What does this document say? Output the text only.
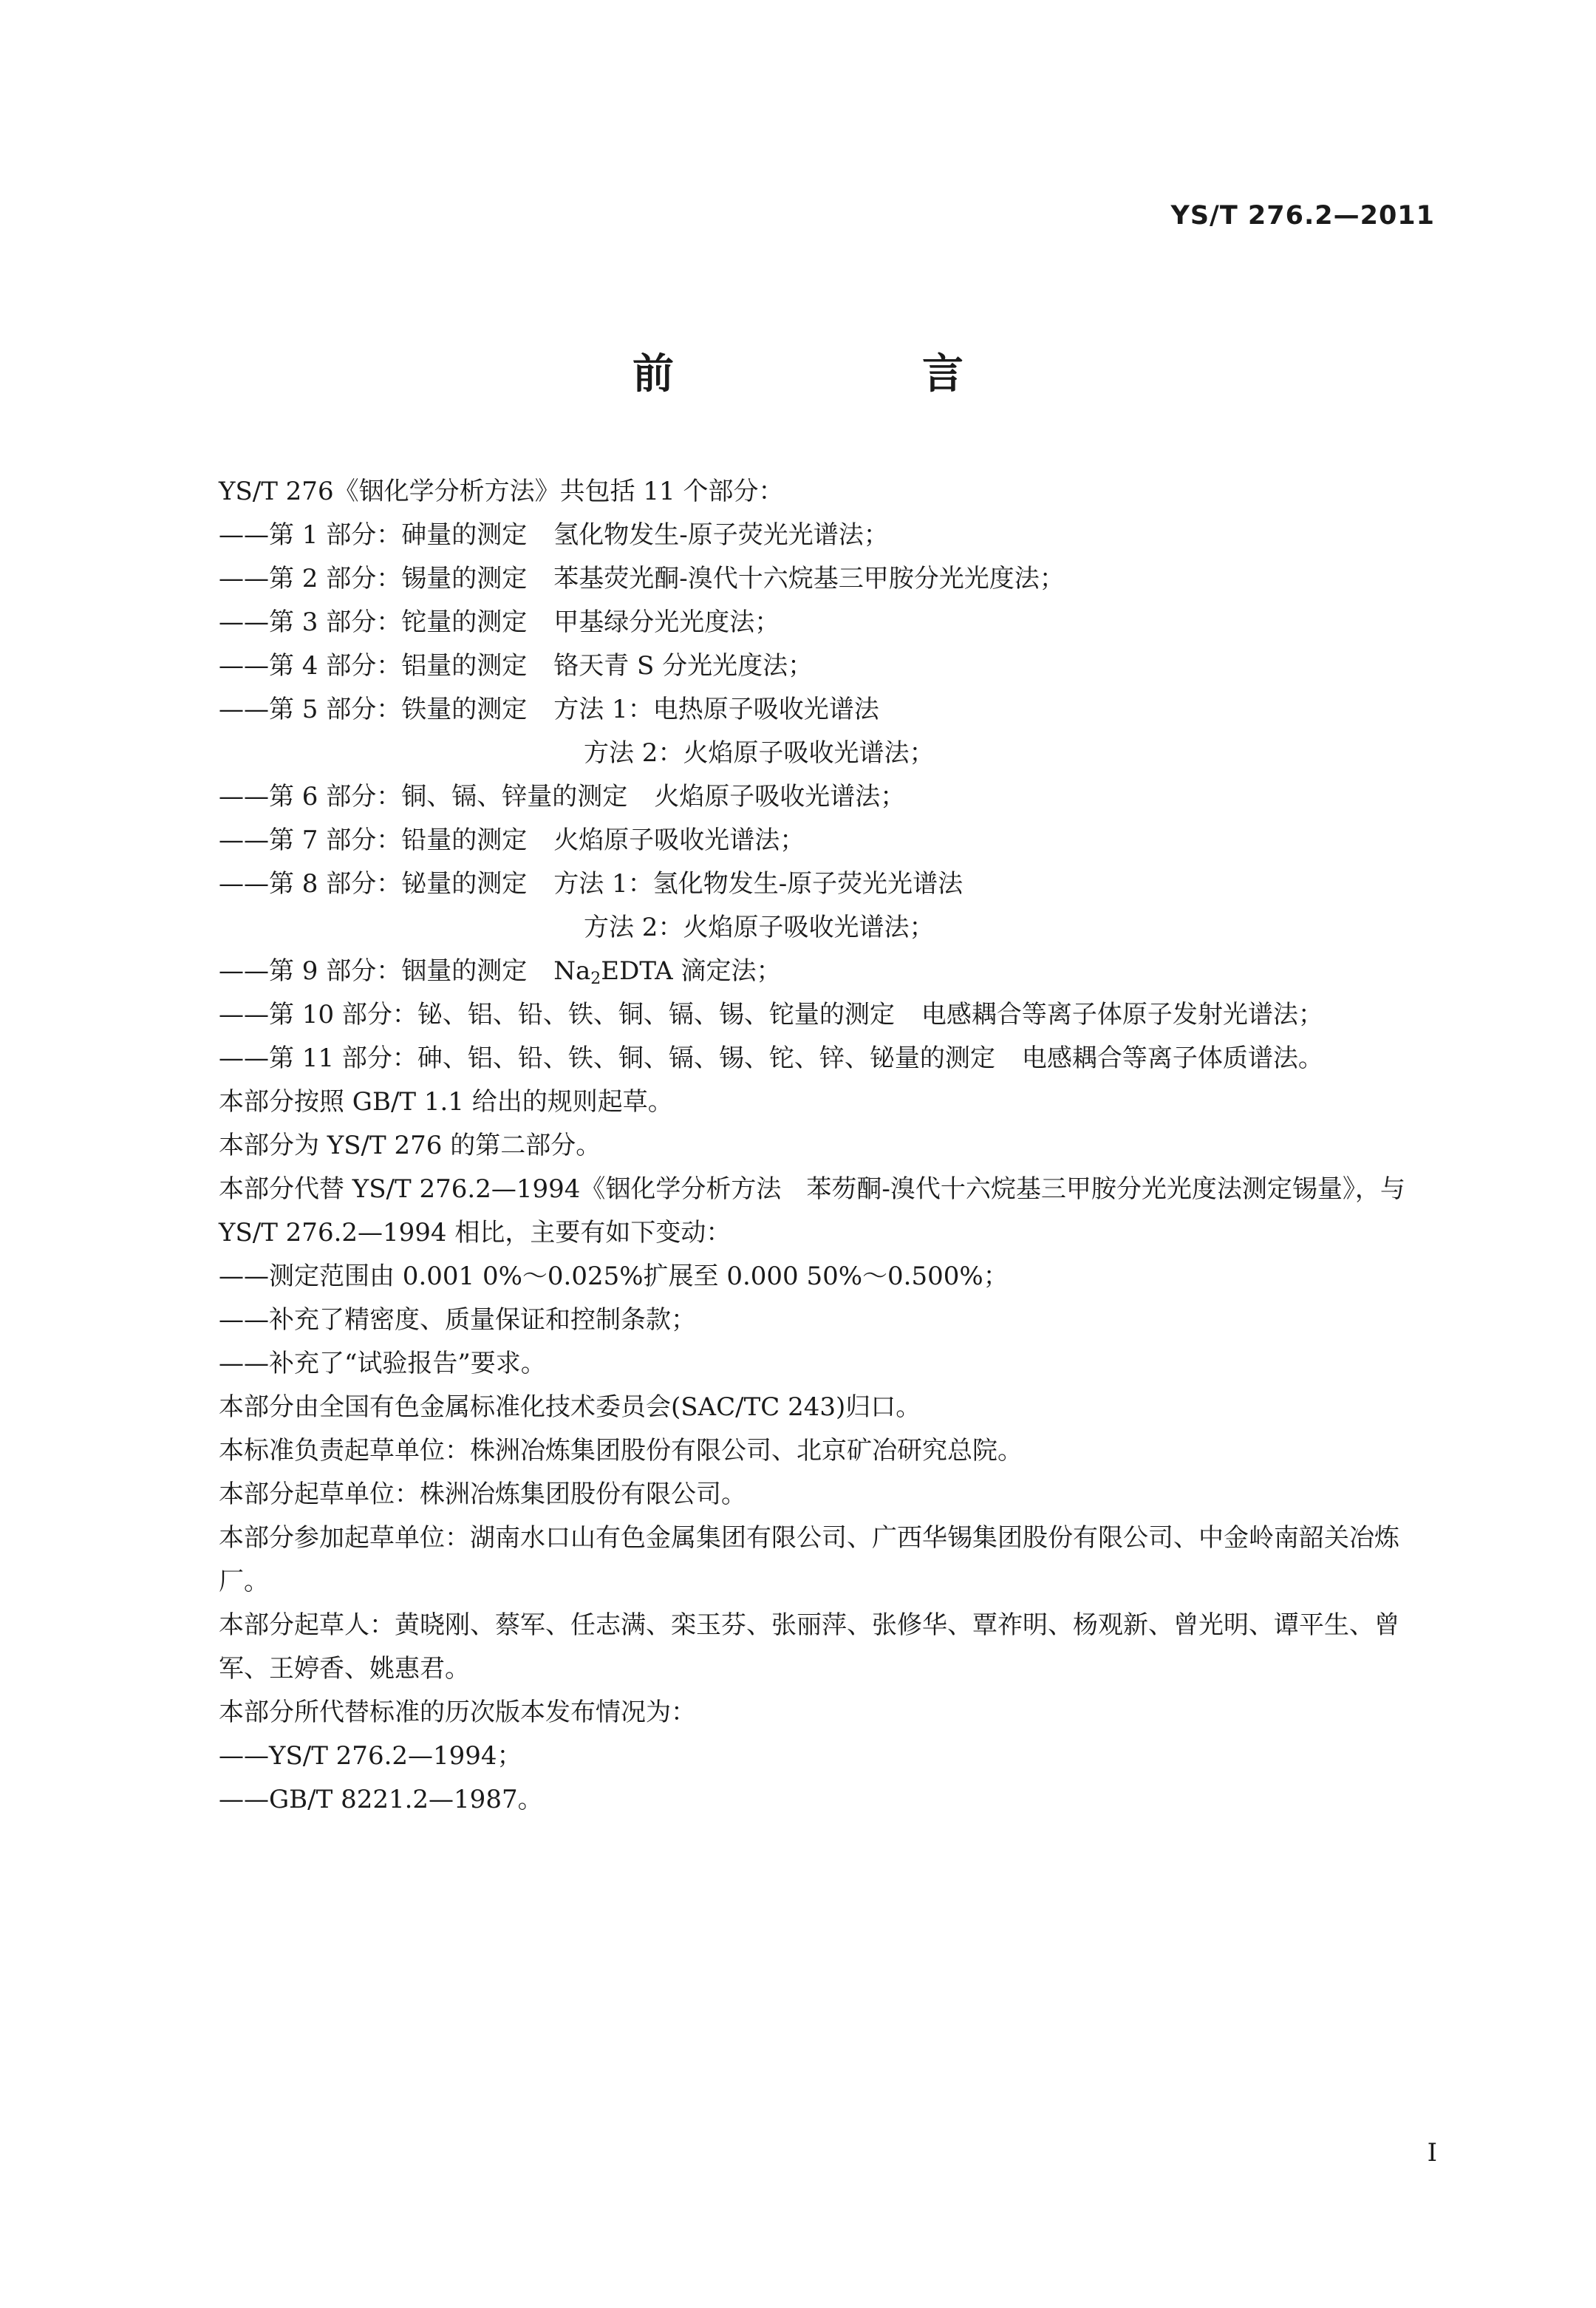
YS/T 276.2—2011
前　言
YS/T 276《铟化学分析方法》共包括 11 个部分：
——第 1 部分：砷量的测定 氢化物发生-原子荧光光谱法；
——第 2 部分：锡量的测定 苯基荧光酮-溴代十六烷基三甲胺分光光度法；
——第 3 部分：铊量的测定 甲基绿分光光度法；
——第 4 部分：铝量的测定 铬天青 S 分光光度法；
——第 5 部分：铁量的测定 方法 1：电热原子吸收光谱法
方法 2：火焰原子吸收光谱法；
——第 6 部分：铜、镉、锌量的测定 火焰原子吸收光谱法；
——第 7 部分：铅量的测定 火焰原子吸收光谱法；
——第 8 部分：铋量的测定 方法 1：氢化物发生-原子荧光光谱法
方法 2：火焰原子吸收光谱法；
——第 9 部分：铟量的测定 $Na_2EDTA$ 滴定法；
——第 10 部分：铋、铝、铅、铁、铜、镉、锡、铊量的测定 电感耦合等离子体原子发射光谱法；
——第 11 部分：砷、铝、铅、铁、铜、镉、锡、铊、锌、铋量的测定 电感耦合等离子体质谱法。
本部分按照 GB/T 1.1 给出的规则起草。
本部分为 YS/T 276 的第二部分。
本部分代替 YS/T 276.2—1994《铟化学分析方法　苯芴酮-溴代十六烷基三甲胺分光光度法测定锡量》，与 YS/T 276.2—1994 相比，主要有如下变动：
——测定范围由 0.001 0%～0.025%扩展至 0.000 50%～0.500%；
——补充了精密度、质量保证和控制条款；
——补充了“试验报告”要求。
本部分由全国有色金属标准化技术委员会(SAC/TC 243)归口。
本标准负责起草单位：株洲冶炼集团股份有限公司、北京矿冶研究总院。
本部分起草单位：株洲冶炼集团股份有限公司。
本部分参加起草单位：湖南水口山有色金属集团有限公司、广西华锡集团股份有限公司、中金岭南韶关冶炼厂。
本部分起草人：黄晓刚、蔡军、任志满、栾玉芬、张丽萍、张修华、覃祚明、杨观新、曾光明、谭平生、曾军、王婷香、姚惠君。
本部分所代替标准的历次版本发布情况为：
——YS/T 276.2—1994；
——GB/T 8221.2—1987。
I
